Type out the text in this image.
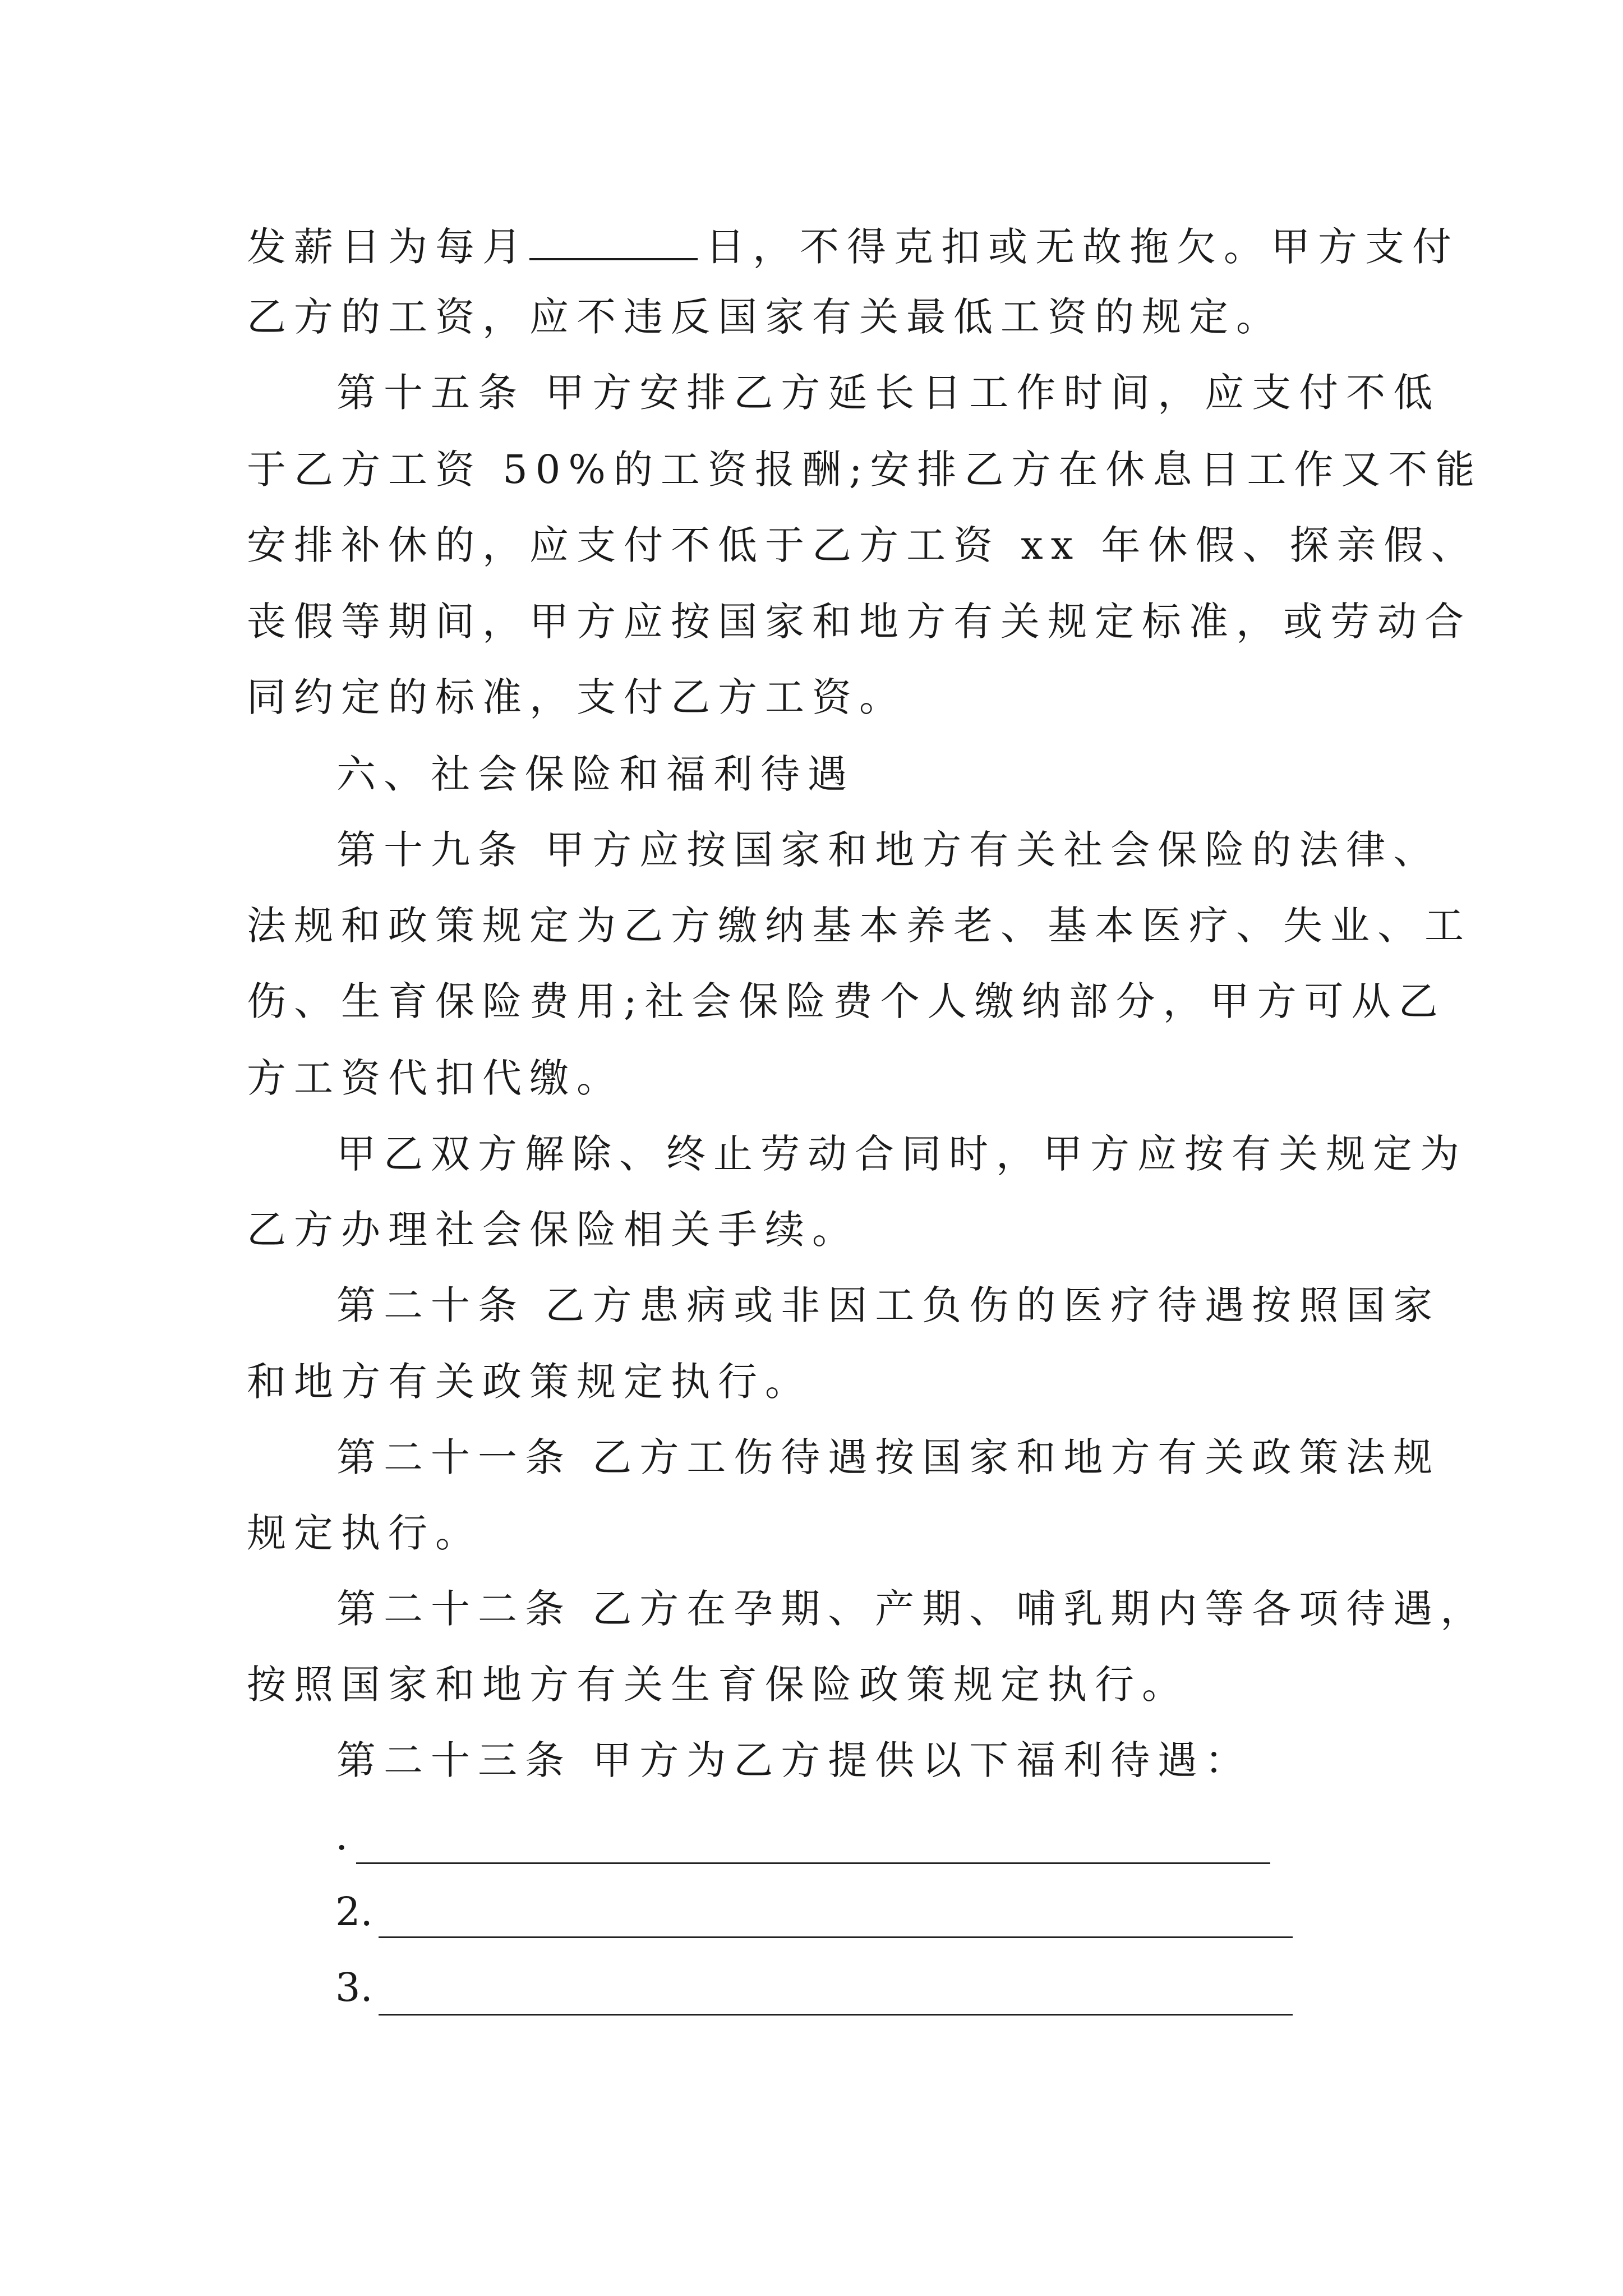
发薪日为每月	日，不得克扣或无故拖欠。甲方支付
乙方的工资，应不违反国家有关最低工资的规定。
第十五条 甲方安排乙方延长日工作时间，应支付不低
于乙方工资 50%的工资报酬;安排乙方在休息日工作又不能
安排补休的，应支付不低于乙方工资 xx 年休假、探亲假、
丧假等期间，甲方应按国家和地方有关规定标准，或劳动合
同约定的标准，支付乙方工资。
六、社会保险和福利待遇
第十九条 甲方应按国家和地方有关社会保险的法律、
法规和政策规定为乙方缴纳基本养老、基本医疗、失业、工
伤、生育保险费用;社会保险费个人缴纳部分，甲方可从乙
方工资代扣代缴。
甲乙双方解除、终止劳动合同时，甲方应按有关规定为
乙方办理社会保险相关手续。
第二十条 乙方患病或非因工负伤的医疗待遇按照国家
和地方有关政策规定执行。
第二十一条 乙方工伤待遇按国家和地方有关政策法规
规定执行。
第二十二条 乙方在孕期、产期、哺乳期内等各项待遇，
按照国家和地方有关生育保险政策规定执行。
第二十三条 甲方为乙方提供以下福利待遇：
.
2.
3.
